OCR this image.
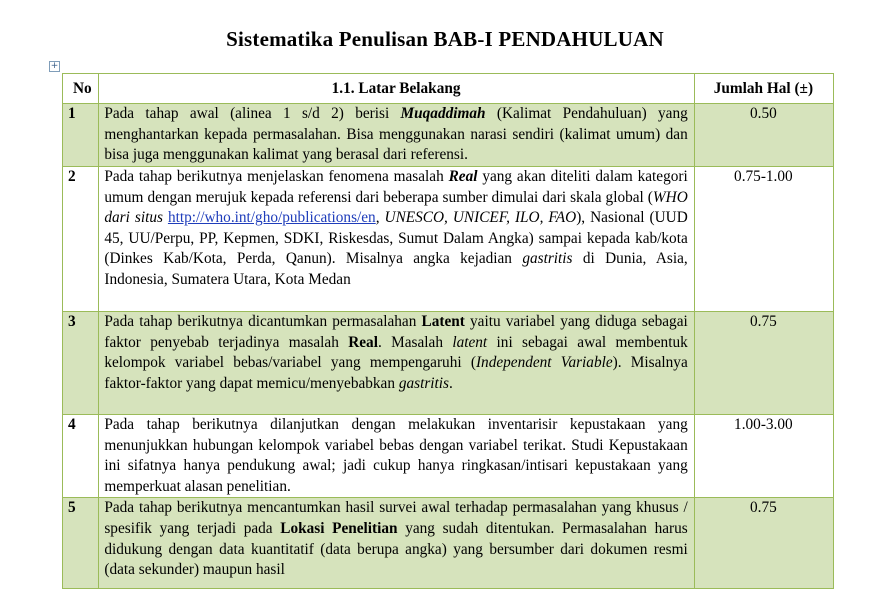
Sistematika Penulisan BAB-I PENDAHULUAN
+
No	1.1. Latar Belakang	Jumlah Hal (±)
1	Pada tahap awal (alinea 1 s/d 2) berisi Muqaddimah (Kalimat Pendahuluan) yang menghantarkan kepada permasalahan. Bisa menggunakan narasi sendiri (kalimat umum) dan bisa juga menggunakan kalimat yang berasal dari referensi.	0.50
2	Pada tahap berikutnya menjelaskan fenomena masalah Real yang akan diteliti dalam kategori umum dengan merujuk kepada referensi dari beberapa sumber dimulai dari skala global (WHO dari situs http://who.int/gho/publications/en, UNESCO, UNICEF, ILO, FAO), Nasional (UUD 45, UU/Perpu, PP, Kepmen, SDKI, Riskesdas, Sumut Dalam Angka) sampai kepada kab/kota (Dinkes Kab/Kota, Perda, Qanun). Misalnya angka kejadian gastritis di Dunia, Asia, Indonesia, Sumatera Utara, Kota Medan	0.75-1.00
3	Pada tahap berikutnya dicantumkan permasalahan Latent yaitu variabel yang diduga sebagai faktor penyebab terjadinya masalah Real. Masalah latent ini sebagai awal membentuk kelompok variabel bebas/variabel yang mempengaruhi (Independent Variable). Misalnya faktor-faktor yang dapat memicu/menyebabkan gastritis.	0.75
4	Pada tahap berikutnya dilanjutkan dengan melakukan inventarisir kepustakaan yang menunjukkan hubungan kelompok variabel bebas dengan variabel terikat. Studi Kepustakaan ini sifatnya hanya pendukung awal; jadi cukup hanya ringkasan/intisari kepustakaan yang memperkuat alasan penelitian.	1.00-3.00
5	Pada tahap berikutnya mencantumkan hasil survei awal terhadap permasalahan yang khusus / spesifik yang terjadi pada Lokasi Penelitian yang sudah ditentukan. Permasalahan harus didukung dengan data kuantitatif (data berupa angka) yang bersumber dari dokumen resmi (data sekunder) maupun hasil	0.75
